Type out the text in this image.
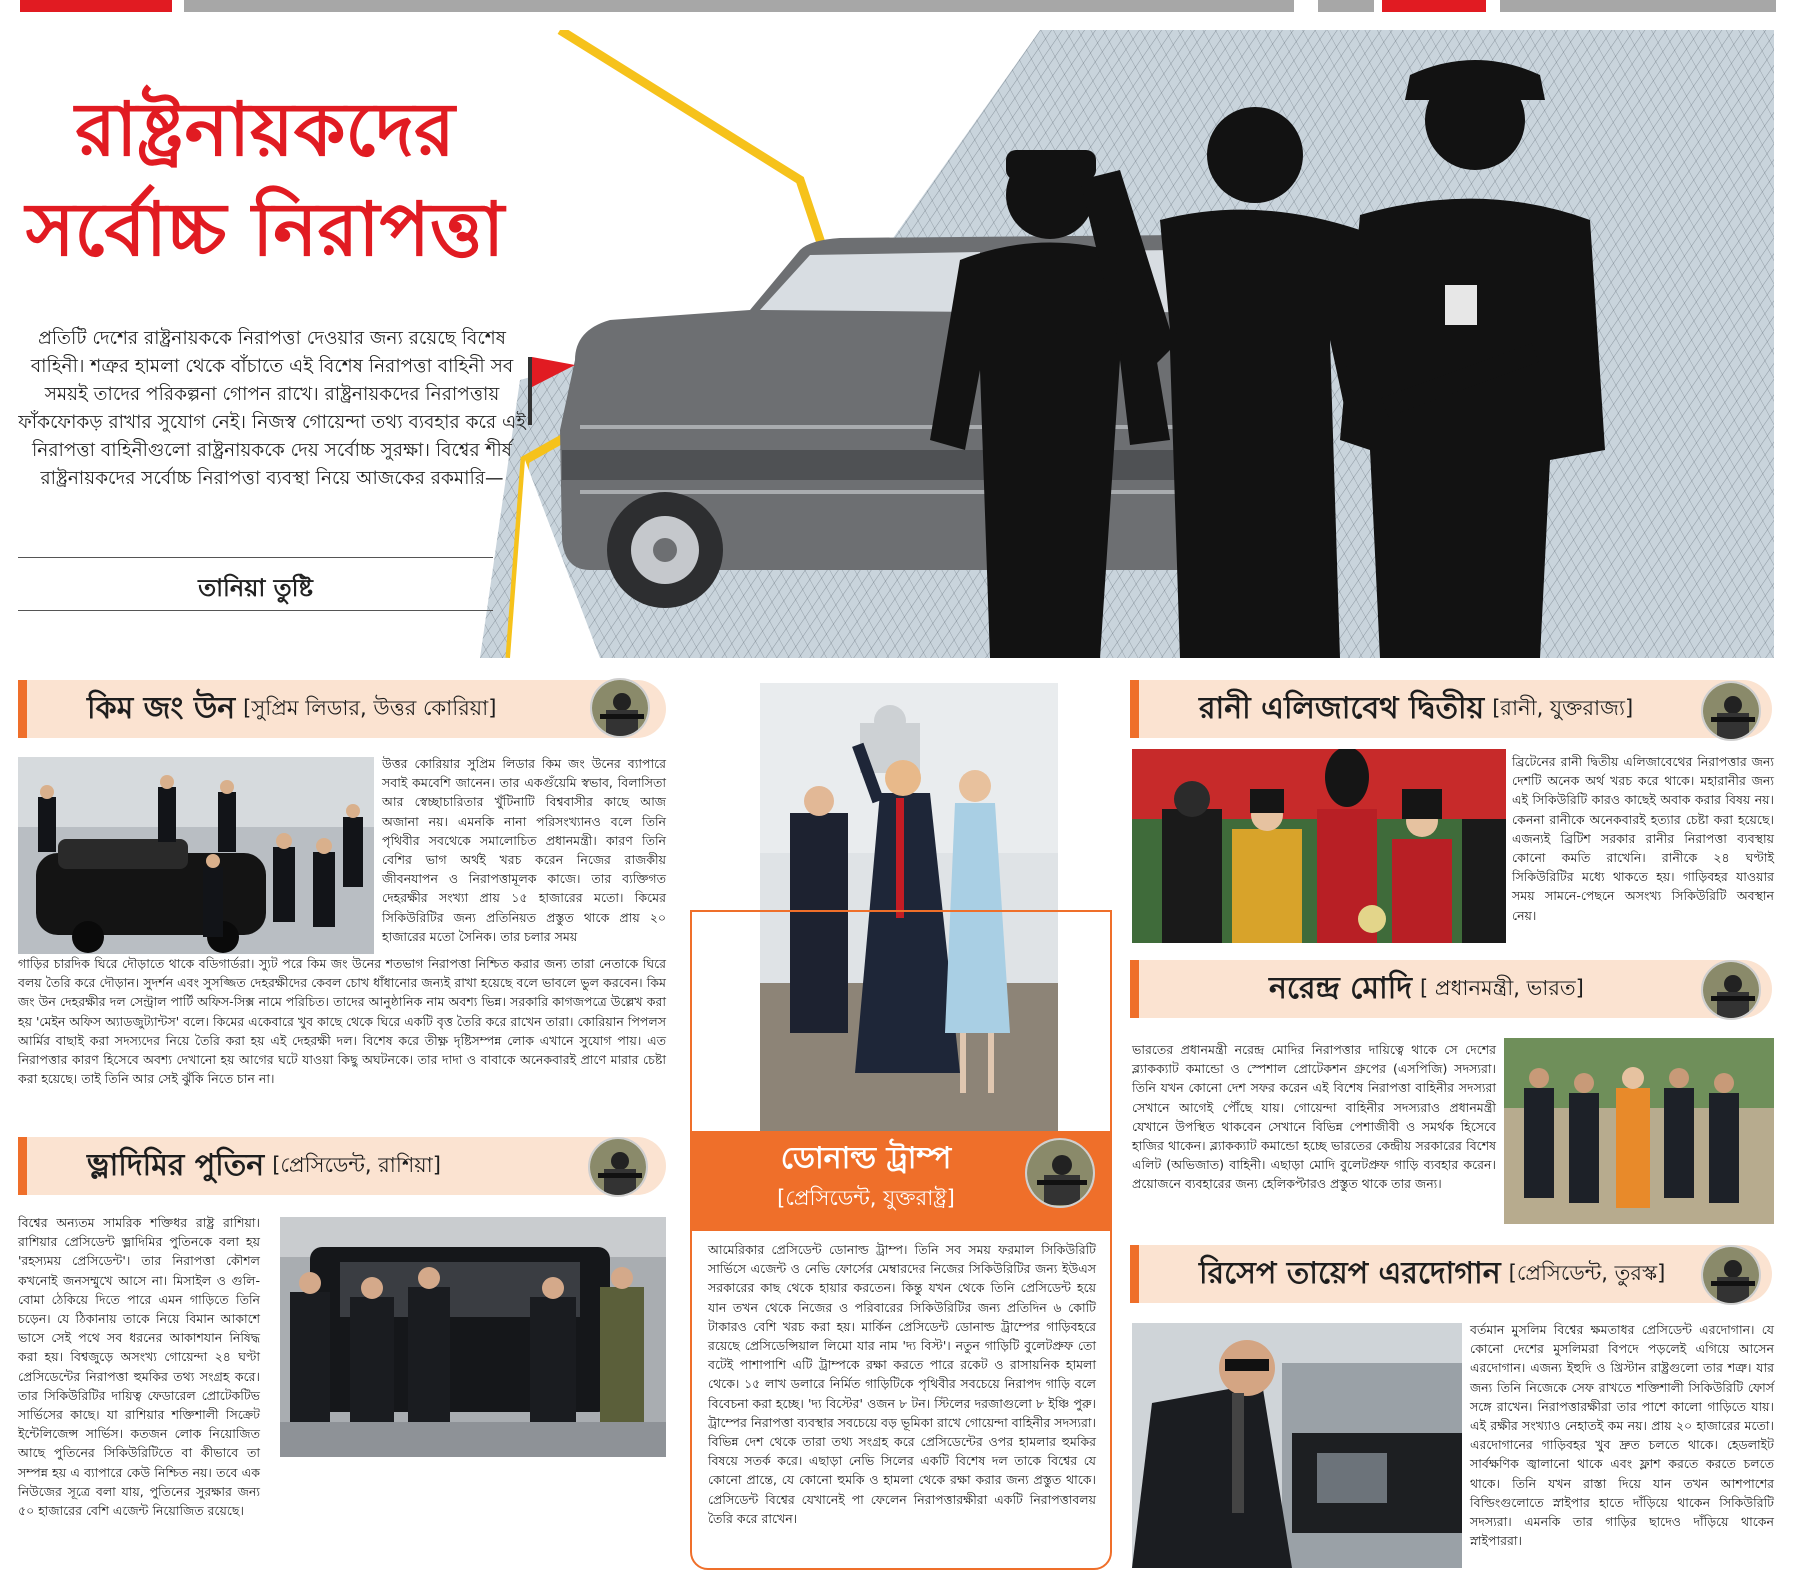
রাষ্ট্রনায়কদের
সর্বোচ্চ নিরাপত্তা
প্রতিটি দেশের রাষ্ট্রনায়ককে নিরাপত্তা দেওয়ার জন্য রয়েছে বিশেষ বাহিনী। শত্রুর হামলা থেকে বাঁচাতে এই বিশেষ নিরাপত্তা বাহিনী সব সময়ই তাদের পরিকল্পনা গোপন রাখে। রাষ্ট্রনায়কদের নিরাপত্তায় ফাঁকফোকড় রাখার সুযোগ নেই। নিজস্ব গোয়েন্দা তথ্য ব্যবহার করে এই নিরাপত্তা বাহিনীগুলো রাষ্ট্রনায়ককে দেয় সর্বোচ্চ সুরক্ষা। বিশ্বের শীর্ষ রাষ্ট্রনায়কদের সর্বোচ্চ নিরাপত্তা ব্যবস্থা নিয়ে আজকের রকমারি—
তানিয়া তুষ্টি
কিম জং উন [সুপ্রিম লিডার, উত্তর কোরিয়া]
উত্তর কোরিয়ার সুপ্রিম লিডার কিম জং উনের ব্যাপারে সবাই কমবেশি জানেন। তার একগুঁয়েমি স্বভাব, বিলাসিতা আর স্বেচ্ছাচারিতার খুঁটিনাটি বিশ্ববাসীর কাছে আজ অজানা নয়। এমনকি নানা পরিসংখ্যানও বলে তিনি পৃথিবীর সবথেকে সমালোচিত প্রধানমন্ত্রী। কারণ তিনি বেশির ভাগ অর্থই খরচ করেন নিজের রাজকীয় জীবনযাপন ও নিরাপত্তামূলক কাজে। তার ব্যক্তিগত দেহরক্ষীর সংখ্যা প্রায় ১৫ হাজারের মতো। কিমের সিকিউরিটির জন্য প্রতিনিয়ত প্রস্তুত থাকে প্রায় ২০ হাজারের মতো সৈনিক। তার চলার সময়
গাড়ির চারদিক ঘিরে দৌড়াতে থাকে বডিগার্ডরা। স্যুট পরে কিম জং উনের শতভাগ নিরাপত্তা নিশ্চিত করার জন্য তারা নেতাকে ঘিরে বলয় তৈরি করে দৌড়ান। সুদর্শন এবং সুসজ্জিত দেহরক্ষীদের কেবল চোখ ধাঁধানোর জন্যই রাখা হয়েছে বলে ভাবলে ভুল করবেন। কিম জং উন দেহরক্ষীর দল সেন্ট্রাল পার্টি অফিস-সিক্স নামে পরিচিত। তাদের আনুষ্ঠানিক নাম অবশ্য ভিন্ন। সরকারি কাগজপত্রে উল্লেখ করা হয় 'মেইন অফিস অ্যাডজুট্যান্টস' বলে। কিমের একেবারে খুব কাছে থেকে ঘিরে একটি বৃত্ত তৈরি করে রাখেন তারা। কোরিয়ান পিপলস আর্মির বাছাই করা সদস্যদের নিয়ে তৈরি করা হয় এই দেহরক্ষী দল। বিশেষ করে তীক্ষ্ণ দৃষ্টিসম্পন্ন লোক এখানে সুযোগ পায়। এত নিরাপত্তার কারণ হিসেবে অবশ্য দেখানো হয় আগের ঘটে যাওয়া কিছু অঘটনকে। তার দাদা ও বাবাকে অনেকবারই প্রাণে মারার চেষ্টা করা হয়েছে। তাই তিনি আর সেই ঝুঁকি নিতে চান না।
ভ্লাদিমির পুতিন [প্রেসিডেন্ট, রাশিয়া]
বিশ্বের অন্যতম সামরিক শক্তিধর রাষ্ট্র রাশিয়া। রাশিয়ার প্রেসিডেন্ট ভ্লাদিমির পুতিনকে বলা হয় 'রহস্যময় প্রেসিডেন্ট'। তার নিরাপত্তা কৌশল কখনোই জনসম্মুখে আসে না। মিসাইল ও গুলি-বোমা ঠেকিয়ে দিতে পারে এমন গাড়িতে তিনি চড়েন। যে ঠিকানায় তাকে নিয়ে বিমান আকাশে ভাসে সেই পথে সব ধরনের আকাশযান নিষিদ্ধ করা হয়। বিশ্বজুড়ে অসংখ্য গোয়েন্দা ২৪ ঘণ্টা প্রেসিডেন্টের নিরাপত্তা হুমকির তথ্য সংগ্রহ করে। তার সিকিউরিটির দায়িত্ব ফেডারেল প্রোটেকটিভ সার্ভিসের কাছে। যা রাশিয়ার শক্তিশালী সিক্রেট ইন্টেলিজেন্স সার্ভিস। কতজন লোক নিয়োজিত আছে পুতিনের সিকিউরিটিতে বা কীভাবে তা সম্পন্ন হয় এ ব্যাপারে কেউ নিশ্চিত নয়। তবে এক নিউজের সূত্রে বলা যায়, পুতিনের সুরক্ষার জন্য ৫০ হাজারের বেশি এজেন্ট নিয়োজিত রয়েছে।
ডোনাল্ড ট্রাম্প
[প্রেসিডেন্ট, যুক্তরাষ্ট্র]
আমেরিকার প্রেসিডেন্ট ডোনাল্ড ট্রাম্প। তিনি সব সময় ফরমাল সিকিউরিটি সার্ভিসে এজেন্ট ও নেভি ফোর্সের মেম্বারদের নিজের সিকিউরিটির জন্য ইউএস সরকারের কাছ থেকে হায়ার করতেন। কিন্তু যখন থেকে তিনি প্রেসিডেন্ট হয়ে যান তখন থেকে নিজের ও পরিবারের সিকিউরিটির জন্য প্রতিদিন ৬ কোটি টাকারও বেশি খরচ করা হয়। মার্কিন প্রেসিডেন্ট ডোনাল্ড ট্রাম্পের গাড়িবহরে রয়েছে প্রেসিডেন্সিয়াল লিমো যার নাম 'দ্য বিস্ট'। নতুন গাড়িটি বুলেটপ্রুফ তো বটেই পাশাপাশি এটি ট্রাম্পকে রক্ষা করতে পারে রকেট ও রাসায়নিক হামলা থেকে। ১৫ লাখ ডলারে নির্মিত গাড়িটিকে পৃথিবীর সবচেয়ে নিরাপদ গাড়ি বলে বিবেচনা করা হচ্ছে। 'দ্য বিস্টের' ওজন ৮ টন। স্টিলের দরজাগুলো ৮ ইঞ্চি পুরু। ট্রাম্পের নিরাপত্তা ব্যবস্থার সবচেয়ে বড় ভূমিকা রাখে গোয়েন্দা বাহিনীর সদস্যরা। বিভিন্ন দেশ থেকে তারা তথ্য সংগ্রহ করে প্রেসিডেন্টের ওপর হামলার হুমকির বিষয়ে সতর্ক করে। এছাড়া নেভি সিলের একটি বিশেষ দল তাকে বিশ্বের যে কোনো প্রান্তে, যে কোনো হুমকি ও হামলা থেকে রক্ষা করার জন্য প্রস্তুত থাকে। প্রেসিডেন্ট বিশ্বের যেখানেই পা ফেলেন নিরাপত্তারক্ষীরা একটি নিরাপত্তাবলয় তৈরি করে রাখেন।
রানী এলিজাবেথ দ্বিতীয় [রানী, যুক্তরাজ্য]
ব্রিটেনের রানী দ্বিতীয় এলিজাবেথের নিরাপত্তার জন্য দেশটি অনেক অর্থ খরচ করে থাকে। মহারানীর জন্য এই সিকিউরিটি কারও কাছেই অবাক করার বিষয় নয়। কেননা রানীকে অনেকবারই হত্যার চেষ্টা করা হয়েছে। এজন্যই ব্রিটিশ সরকার রানীর নিরাপত্তা ব্যবস্থায় কোনো কমতি রাখেনি। রানীকে ২৪ ঘণ্টাই সিকিউরিটির মধ্যে থাকতে হয়। গাড়িবহর যাওয়ার সময় সামনে-পেছনে অসংখ্য সিকিউরিটি অবস্থান নেয়।
নরেন্দ্র মোদি [ প্রধানমন্ত্রী, ভারত]
ভারতের প্রধানমন্ত্রী নরেন্দ্র মোদির নিরাপত্তার দায়িত্বে থাকে সে দেশের ব্ল্যাকক্যাট কমান্ডো ও স্পেশাল প্রোটেকশন গ্রুপের (এসপিজি) সদস্যরা। তিনি যখন কোনো দেশ সফর করেন এই বিশেষ নিরাপত্তা বাহিনীর সদস্যরা সেখানে আগেই পৌঁছে যায়। গোয়েন্দা বাহিনীর সদস্যরাও প্রধানমন্ত্রী যেখানে উপস্থিত থাকবেন সেখানে বিভিন্ন পেশাজীবী ও সমর্থক হিসেবে হাজির থাকেন। ব্ল্যাকক্যাট কমান্ডো হচ্ছে ভারতের কেন্দ্রীয় সরকারের বিশেষ এলিট (অভিজাত) বাহিনী। এছাড়া মোদি বুলেটপ্রুফ গাড়ি ব্যবহার করেন। প্রয়োজনে ব্যবহারের জন্য হেলিকপ্টারও প্রস্তুত থাকে তার জন্য।
রিসেপ তায়েপ এরদোগান [প্রেসিডেন্ট, তুরস্ক]
বর্তমান মুসলিম বিশ্বের ক্ষমতাধর প্রেসিডেন্ট এরদোগান। যে কোনো দেশের মুসলিমরা বিপদে পড়লেই এগিয়ে আসেন এরদোগান। এজন্য ইহুদি ও খ্রিস্টান রাষ্ট্রগুলো তার শত্রু। যার জন্য তিনি নিজেকে সেফ রাখতে শক্তিশালী সিকিউরিটি ফোর্স সঙ্গে রাখেন। নিরাপত্তারক্ষীরা তার পাশে কালো গাড়িতে যায়। এই রক্ষীর সংখ্যাও নেহাতই কম নয়। প্রায় ২০ হাজারের মতো। এরদোগানের গাড়িবহর খুব দ্রুত চলতে থাকে। হেডলাইট সার্বক্ষণিক জ্বালানো থাকে এবং ফ্লাশ করতে করতে চলতে থাকে। তিনি যখন রাস্তা দিয়ে যান তখন আশপাশের বিল্ডিংগুলোতে স্নাইপার হাতে দাঁড়িয়ে থাকেন সিকিউরিটি সদস্যরা। এমনকি তার গাড়ির ছাদেও দাঁড়িয়ে থাকেন স্নাইপাররা।
